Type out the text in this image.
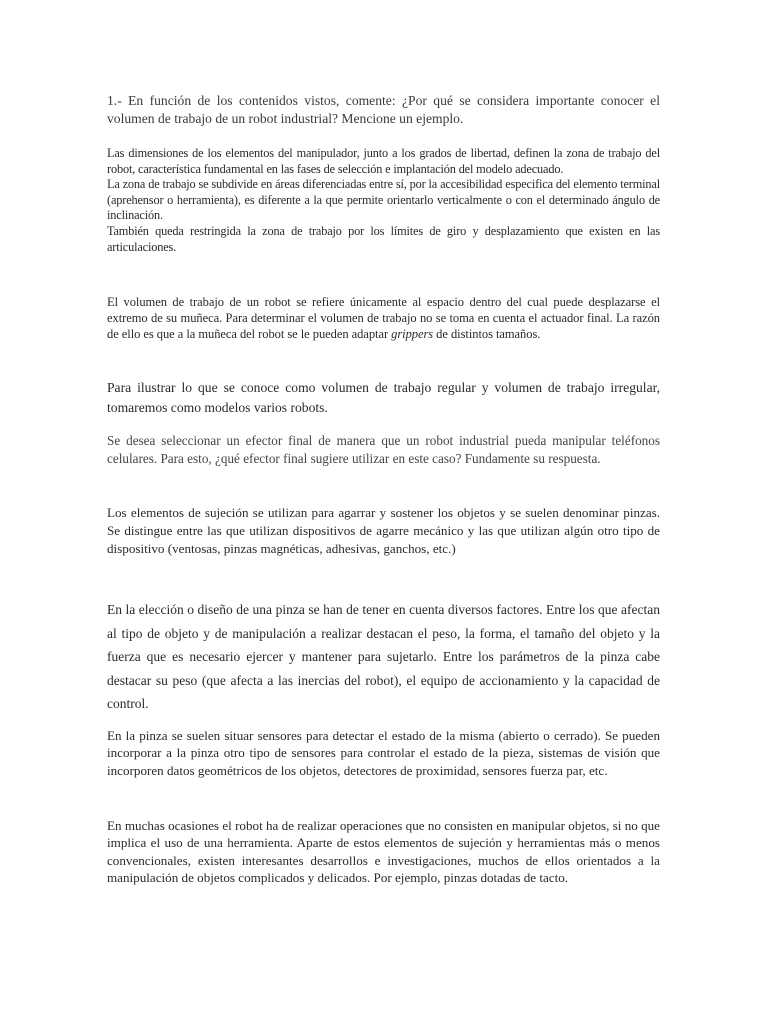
1.- En función de los contenidos vistos, comente: ¿Por qué se considera importante conocer el volumen de trabajo de un robot industrial? Mencione un ejemplo.

Las dimensiones de los elementos del manipulador, junto a los grados de libertad, definen la zona de trabajo del robot, característica fundamental en las fases de selección e implantación del modelo adecuado.
La zona de trabajo se subdivide en áreas diferenciadas entre sí, por la accesibilidad especifica del elemento terminal (aprehensor o herramienta), es diferente a la que permite orientarlo verticalmente o con el determinado ángulo de inclinación.
También queda restringida la zona de trabajo por los límites de giro y desplazamiento que existen en las articulaciones.

El volumen de trabajo de un robot se refiere únicamente al espacio dentro del cual puede desplazarse el extremo de su muñeca. Para determinar el volumen de trabajo no se toma en cuenta el actuador final. La razón de ello es que a la muñeca del robot se le pueden adaptar grippers de distintos tamaños.

Para ilustrar lo que se conoce como volumen de trabajo regular y volumen de trabajo irregular, tomaremos como modelos varios robots.

Se desea seleccionar un efector final de manera que un robot industrial pueda manipular teléfonos celulares. Para esto, ¿qué efector final sugiere utilizar en este caso? Fundamente su respuesta.

Los elementos de sujeción se utilizan para agarrar y sostener los objetos y se suelen denominar pinzas. Se distingue entre las que utilizan dispositivos de agarre mecánico y las que utilizan algún otro tipo de dispositivo (ventosas, pinzas magnéticas, adhesivas, ganchos, etc.)

En la elección o diseño de una pinza se han de tener en cuenta diversos factores. Entre los que afectan al tipo de objeto y de manipulación a realizar destacan el peso, la forma, el tamaño del objeto y la fuerza que es necesario ejercer y mantener para sujetarlo. Entre los parámetros de la pinza cabe destacar su peso (que afecta a las inercias del robot), el equipo de accionamiento y la capacidad de control.

En la pinza se suelen situar sensores para detectar el estado de la misma (abierto o cerrado). Se pueden incorporar a la pinza otro tipo de sensores para controlar el estado de la pieza, sistemas de visión que incorporen datos geométricos de los objetos, detectores de proximidad, sensores fuerza par, etc.

En muchas ocasiones el robot ha de realizar operaciones que no consisten en manipular objetos, si no que implica el uso de una herramienta. Aparte de estos elementos de sujeción y herramientas más o menos convencionales, existen interesantes desarrollos e investigaciones, muchos de ellos orientados a la manipulación de objetos complicados y delicados. Por ejemplo, pinzas dotadas de tacto.
